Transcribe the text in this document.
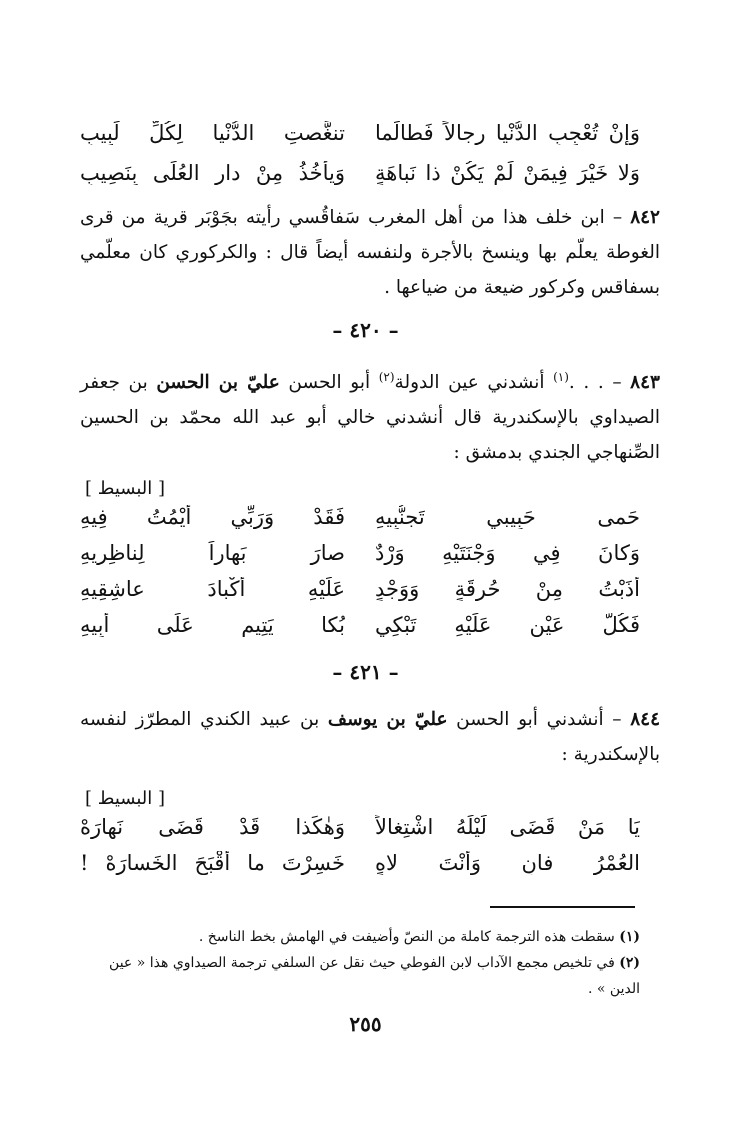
وَإِنْ تُعْجِبِ الدُّنْيا رِجالاً فَطالَما
تنغَّصتِ الدُّنْيا لِكُلِّ لَبِيبِ
وَلا خَيْرَ فِيمَنْ لَمْ يَكُنْ ذا نَباهَةٍ
وَيأْخُذُ مِنْ دارِ العُلَى بِنَصِيبِ

٨٤٢ – ابن خلف هذا من أهل المغرب سَفاقُسي رأيته بجَوْبَر قرية من قرى الغوطة يعلّم بها وينسخ بالأجرة ولنفسه أيضاً قال : والكركوري كان معلّمي بسفاقس وكركور ضيعة من ضياعها .

– ٤٢٠ –

٨٤٣ – . . .$^{(١)}$ أنشدني عين الدولة$^{(٢)}$ أبو الحسن عليّ بن الحسن بن جعفر الصيداوي بالإسكندرية قال أنشدني خالي أبو عبد الله محمّد بن الحسين الصِّنهاجي الجندي بدمشق :

[ البسيط ]
حَمى حَبِيبي تَجنُّبِيهِ
فَقَدْ وَرَبِّي أَيْمُتُ فِيهِ
وَكانَ فِي وَجْنَتَيْهِ وَرْدٌ
صارَ بَهاراً لِناظِرِيهِ
أَذَبْتُ مِنْ حُرقَةٍ وَوَجْدٍ
عَلَيْهِ أَكْبادَ عاشِقِيهِ
فَكُلُّ عَيْنٍ عَلَيْهِ تَبْكِي
بُكا يَتِيمٍ عَلَى أَبِيهِ
– ٤٢١ –

٨٤٤ – أنشدني أبو الحسن عليّ بن يوسف بن عبيد الكندي المطرّز لنفسه بالإسكندرية :

[ البسيط ]
يَا مَنْ قَضَى لَيْلَهُ اشْتِغالاً
وَهٰكَذا قَدْ قَضَى نَهارَهْ
العُمْرُ فانٍ وَأَنْتَ لاهٍ
خَسِرْتَ ما أَقْبَحَ الخَسارَهْ !

(١) سقطت هذه الترجمة كاملة من النصّ وأضيفت في الهامش بخط الناسخ .

(٢) في تلخيص مجمع الآداب لابن الفوطي حيث نقل عن السلفي ترجمة الصيداوي هذا « عين الدين » .

٢٥٥
